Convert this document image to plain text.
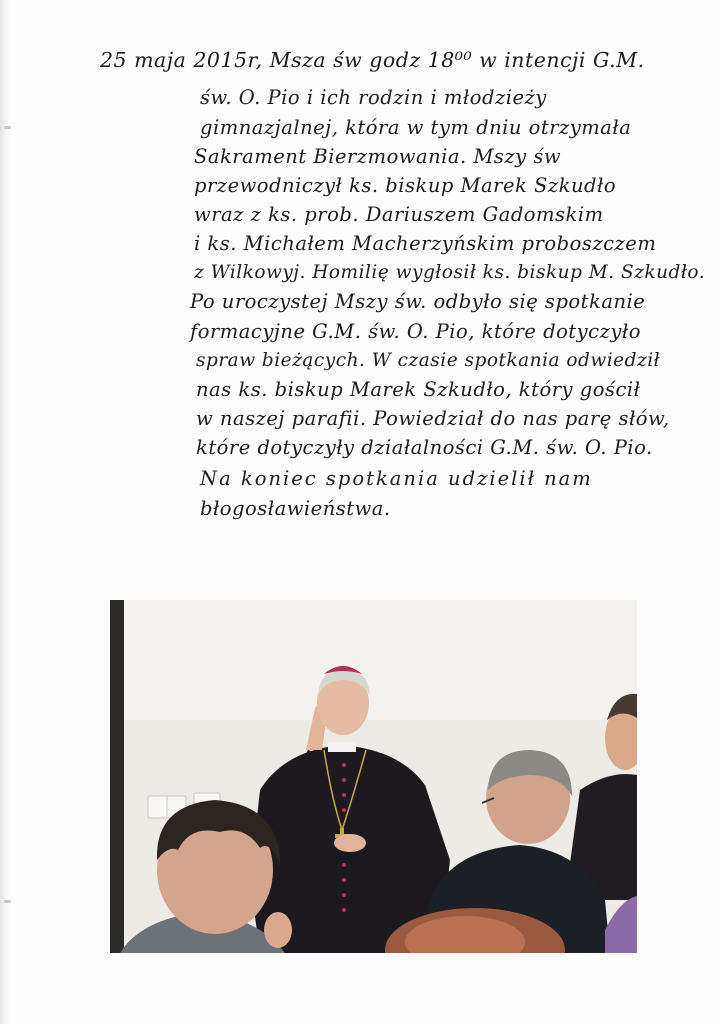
25 maja 2015r, Msza św godz 18⁰⁰ w intencji G.M.
św. O. Pio i ich rodzin i młodzieży
gimnazjalnej, która w tym dniu otrzymała
Sakrament Bierzmowania. Mszy św
przewodniczył ks. biskup Marek Szkudło
wraz z ks. prob. Dariuszem Gadomskim
i ks. Michałem Macherzyńskim proboszczem
z Wilkowyj. Homilię wygłosił ks. biskup M. Szkudło.
Po uroczystej Mszy św. odbyło się spotkanie
formacyjne G.M. św. O. Pio, które dotyczyło
spraw bieżących. W czasie spotkania odwiedził
nas ks. biskup Marek Szkudło, który gościł
w naszej parafii. Powiedział do nas parę słów,
które dotyczyły działalności G.M. św. O. Pio.
Na koniec spotkania udzielił nam
błogosławieństwa.
